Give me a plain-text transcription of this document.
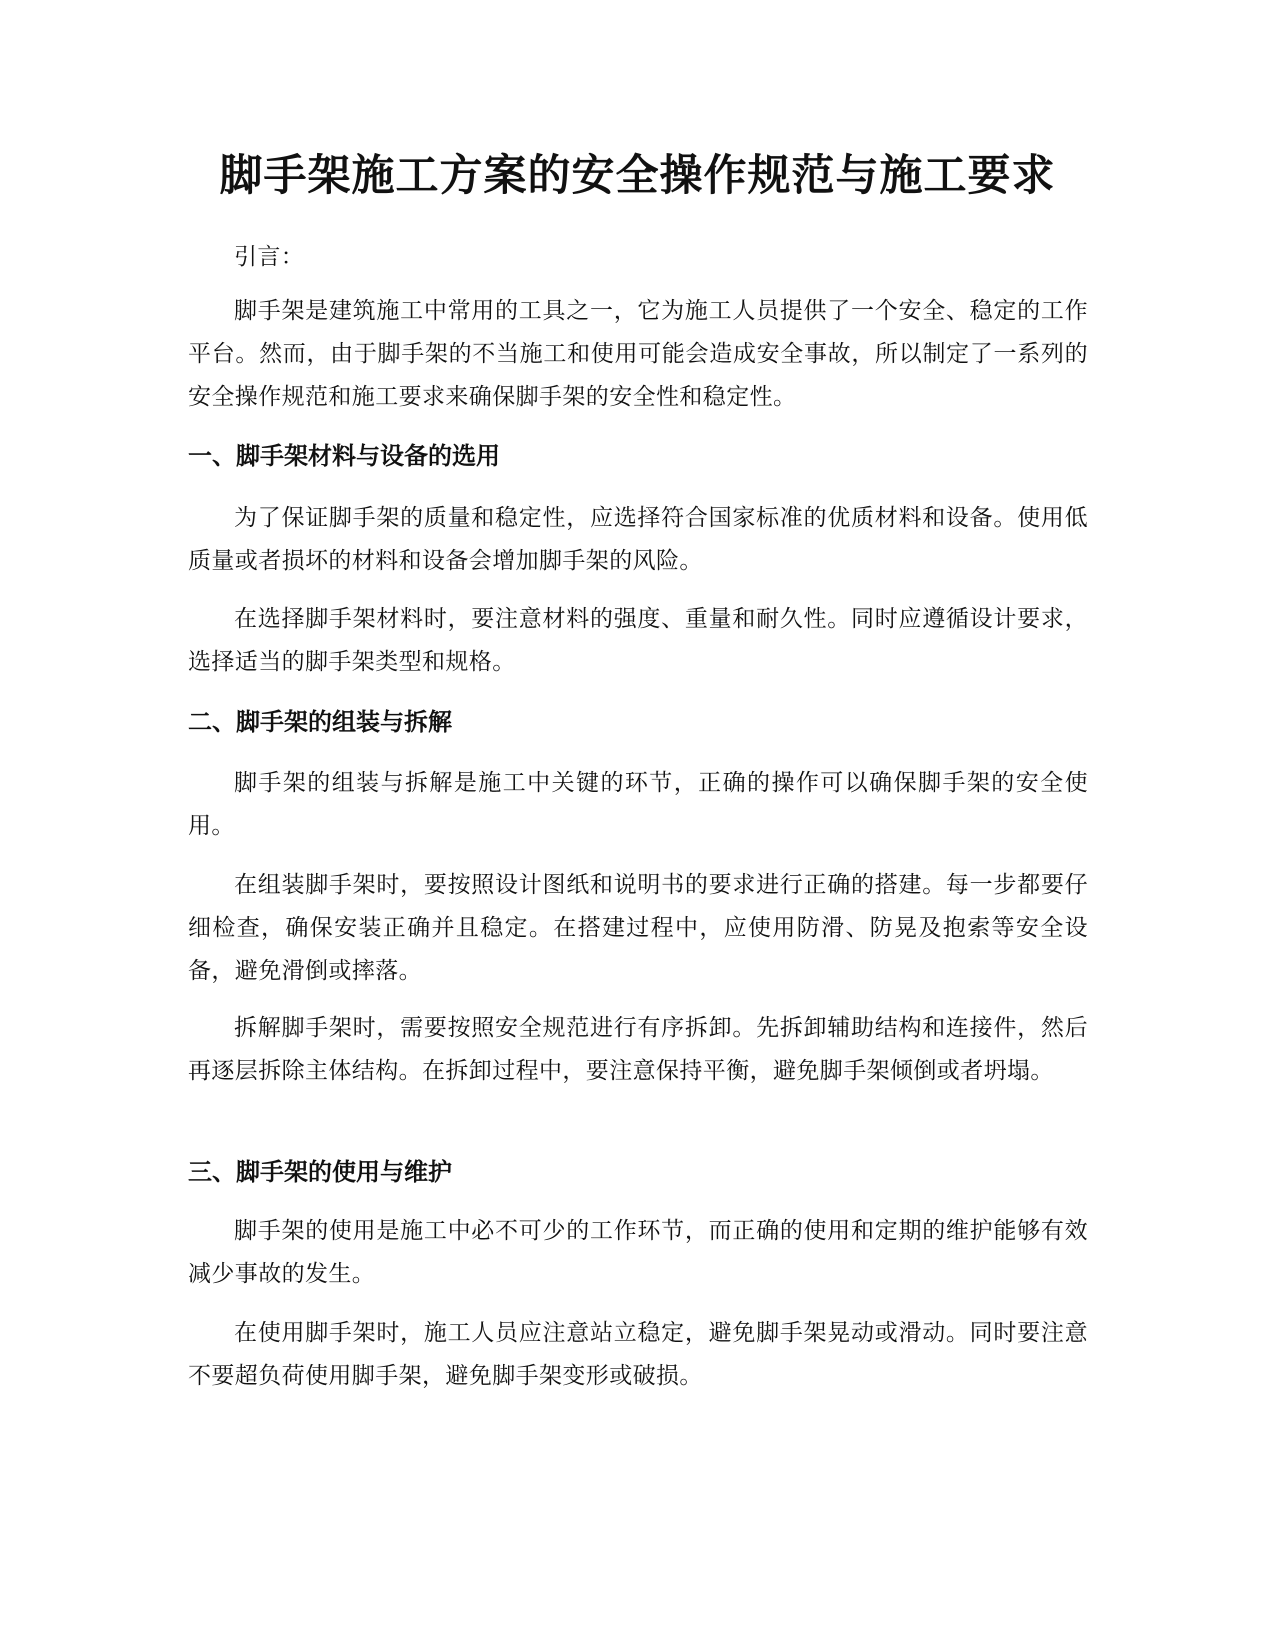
脚手架施工方案的安全操作规范与施工要求

引言：

脚手架是建筑施工中常用的工具之一，它为施工人员提供了一个安全、稳定的工作平台。然而，由于脚手架的不当施工和使用可能会造成安全事故，所以制定了一系列的安全操作规范和施工要求来确保脚手架的安全性和稳定性。

一、脚手架材料与设备的选用

为了保证脚手架的质量和稳定性，应选择符合国家标准的优质材料和设备。使用低质量或者损坏的材料和设备会增加脚手架的风险。

在选择脚手架材料时，要注意材料的强度、重量和耐久性。同时应遵循设计要求，选择适当的脚手架类型和规格。

二、脚手架的组装与拆解

脚手架的组装与拆解是施工中关键的环节，正确的操作可以确保脚手架的安全使用。

在组装脚手架时，要按照设计图纸和说明书的要求进行正确的搭建。每一步都要仔细检查，确保安装正确并且稳定。在搭建过程中，应使用防滑、防晃及抱索等安全设备，避免滑倒或摔落。

拆解脚手架时，需要按照安全规范进行有序拆卸。先拆卸辅助结构和连接件，然后再逐层拆除主体结构。在拆卸过程中，要注意保持平衡，避免脚手架倾倒或者坍塌。

三、脚手架的使用与维护

脚手架的使用是施工中必不可少的工作环节，而正确的使用和定期的维护能够有效减少事故的发生。

在使用脚手架时，施工人员应注意站立稳定，避免脚手架晃动或滑动。同时要注意不要超负荷使用脚手架，避免脚手架变形或破损。
